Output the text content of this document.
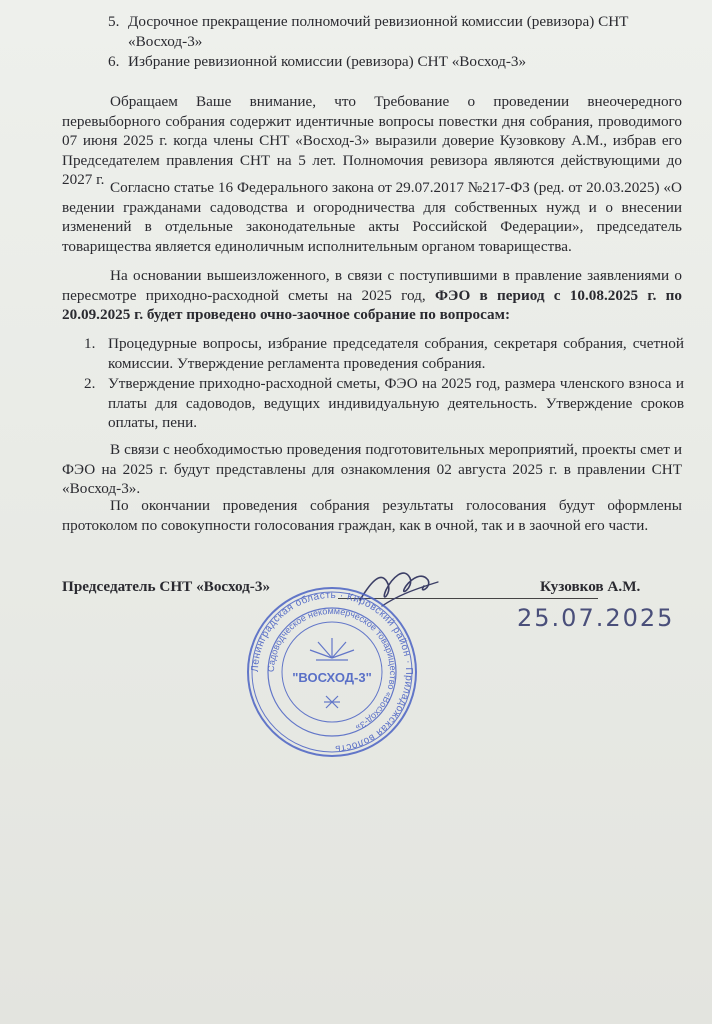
5. Досрочное прекращение полномочий ревизионной комиссии (ревизора) СНТ «Восход-3»
6. Избрание ревизионной комиссии (ревизора) СНТ «Восход-3»
Обращаем Ваше внимание, что Требование о проведении внеочередного перевыборного собрания содержит идентичные вопросы повестки дня собрания, проводимого 07 июня 2025 г. когда члены СНТ «Восход-3» выразили доверие Кузовкову А.М., избрав его Председателем правления СНТ на 5 лет. Полномочия ревизора являются действующими до 2027 г. Согласно статье 16 Федерального закона от 29.07.2017 №217-ФЗ (ред. от 20.03.2025) «О ведении гражданами садоводства и огородничества для собственных нужд и о внесении изменений в отдельные законодательные акты Российской Федерации», председатель товарищества является единоличным исполнительным органом товарищества.
На основании вышеизложенного, в связи с поступившими в правление заявлениями о пересмотре приходно-расходной сметы на 2025 год, ФЭО в период с 10.08.2025 г. по 20.09.2025 г. будет проведено очно-заочное собрание по вопросам:
1. Процедурные вопросы, избрание председателя собрания, секретаря собрания, счетной комиссии. Утверждение регламента проведения собрания.
2. Утверждение приходно-расходной сметы, ФЭО на 2025 год, размера членского взноса и платы для садоводов, ведущих индивидуальную деятельность. Утверждение сроков оплаты, пени.
В связи с необходимостью проведения подготовительных мероприятий, проекты смет и ФЭО на 2025 г. будут представлены для ознакомления 02 августа 2025 г. в правлении СНТ «Восход-3».
По окончании проведения собрания результаты голосования будут оформлены протоколом по совокупности голосования граждан, как в очной, так и в заочной его части.
Председатель СНТ «Восход-3»	Кузовков А.М.
Ленинградская область · Кировский район · Приладожская волость
Садоводческое некоммерческое товарищество «Восход-3»
"ВОСХОД-3"
25.07.2025
